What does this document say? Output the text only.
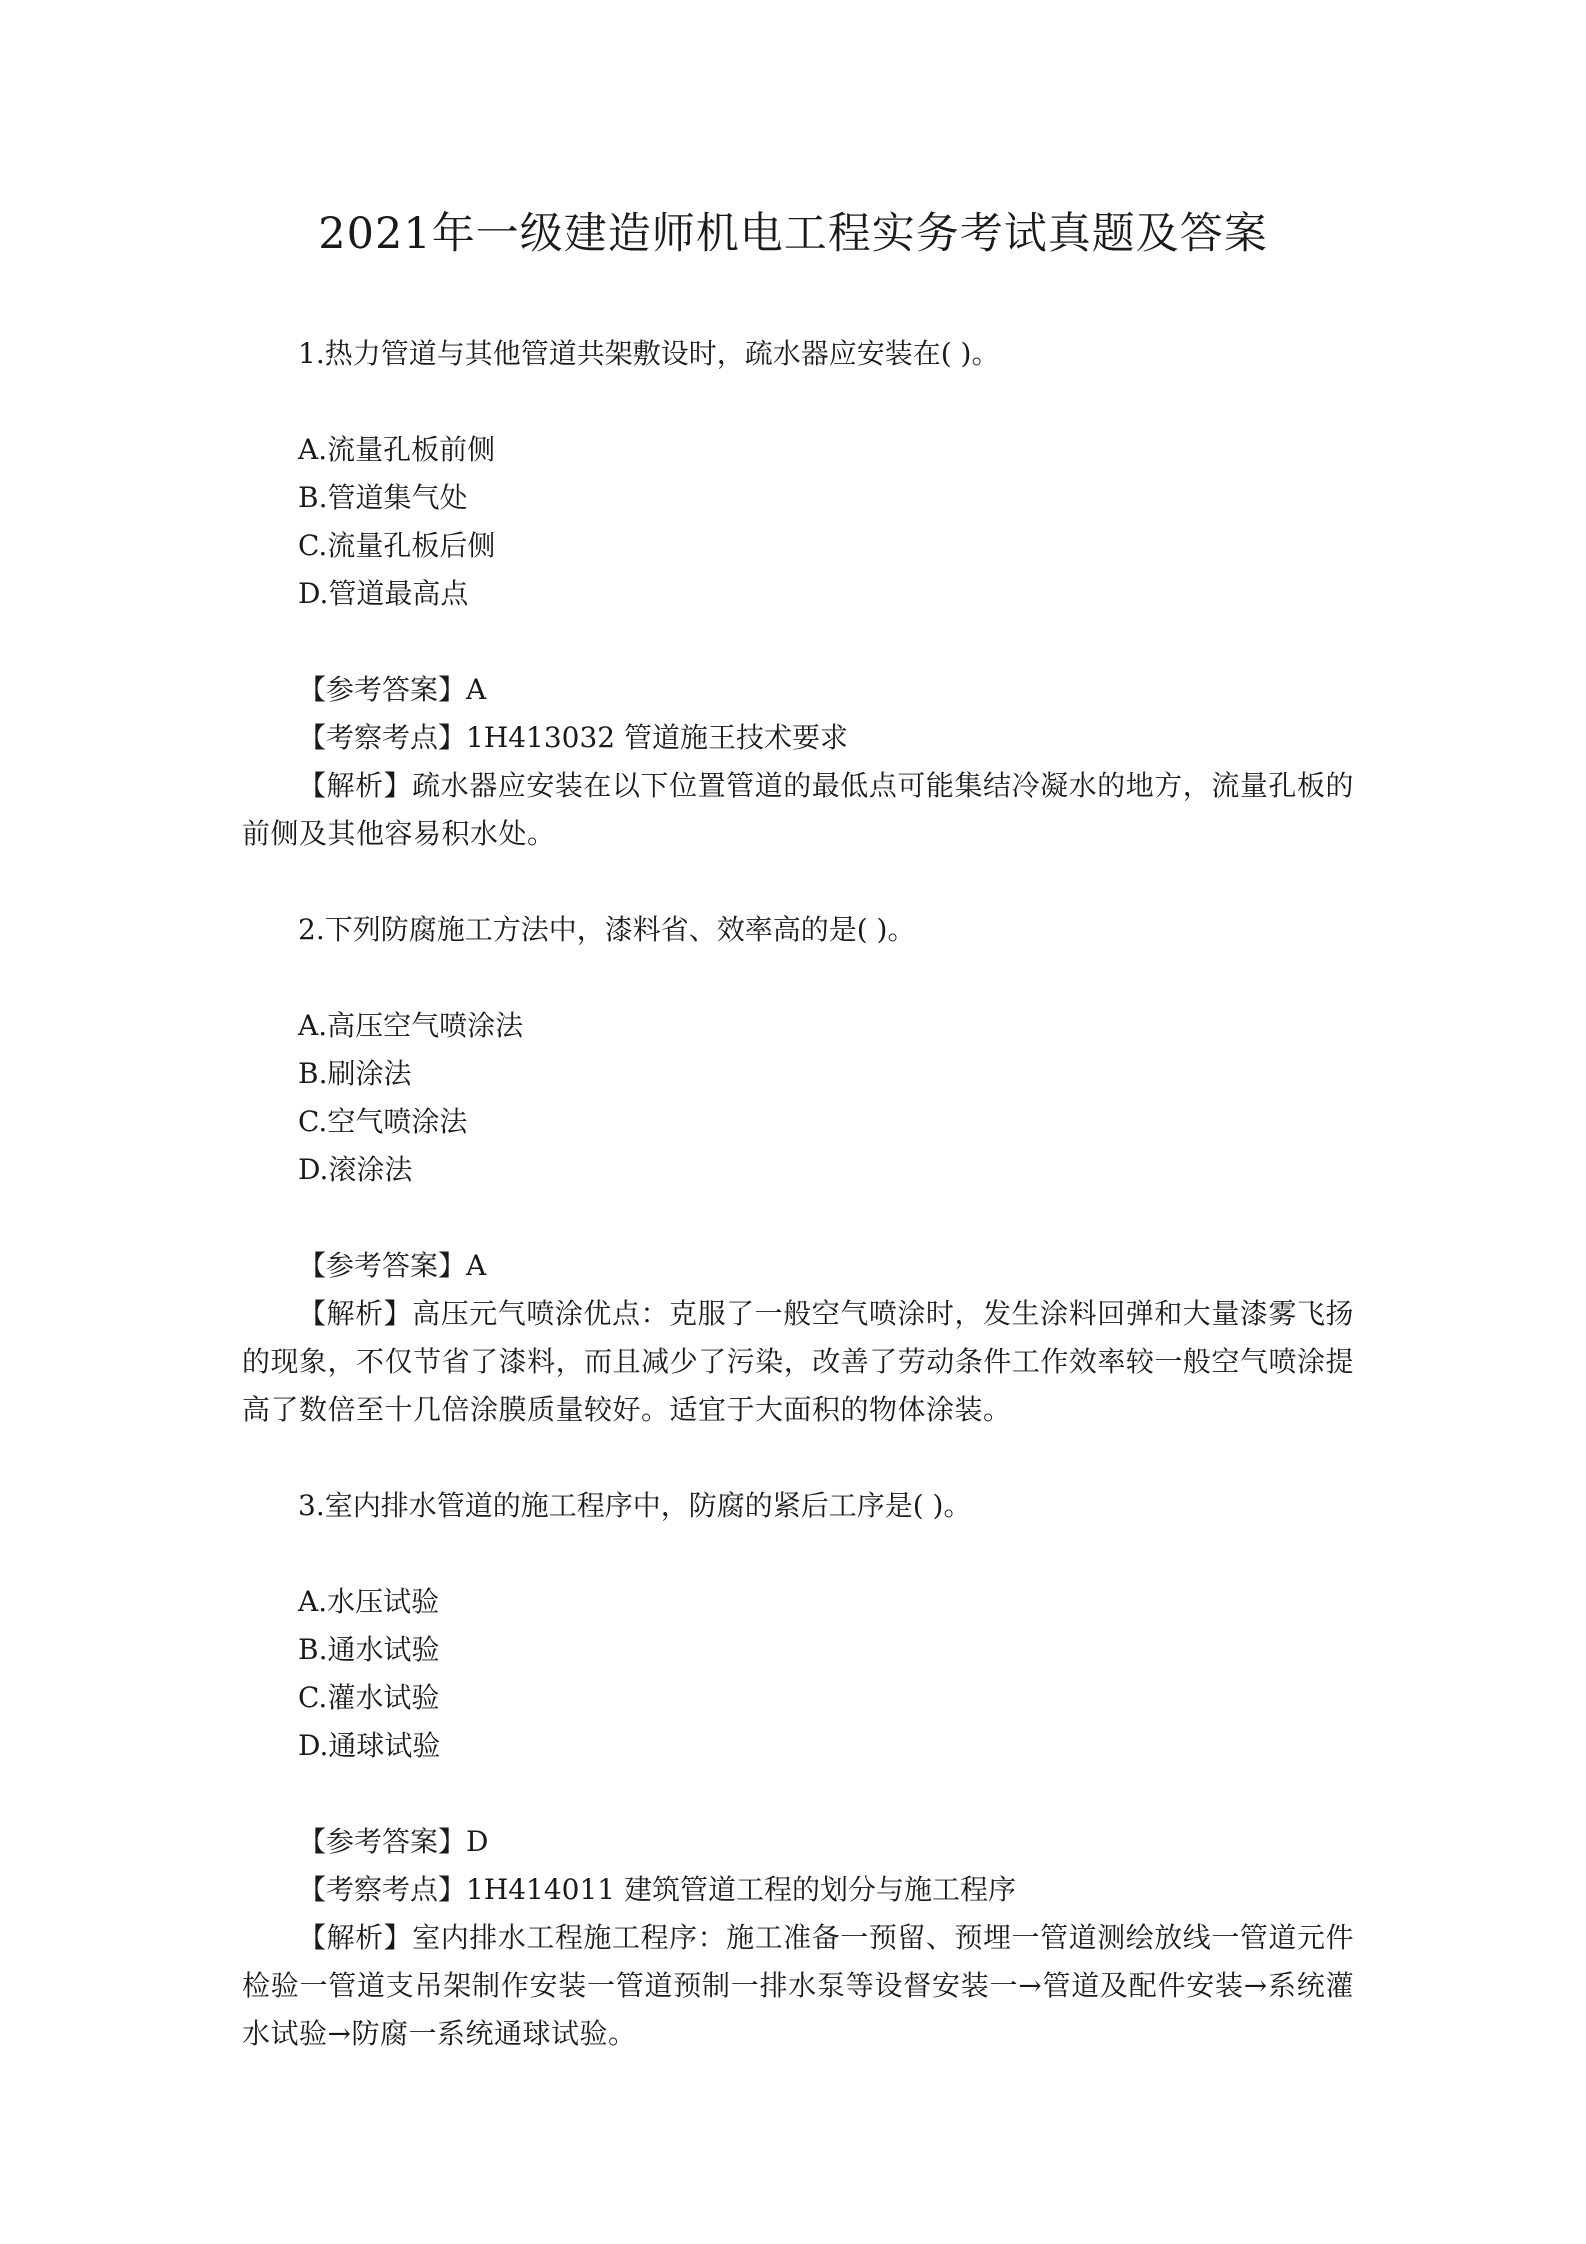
2021年一级建造师机电工程实务考试真题及答案
1.热力管道与其他管道共架敷设时，疏水器应安装在( )。
A.流量孔板前侧
B.管道集气处
C.流量孔板后侧
D.管道最高点
【参考答案】A
【考察考点】1H413032 管道施王技术要求
【解析】疏水器应安装在以下位置管道的最低点可能集结冷凝水的地方，流量孔板的前侧及其他容易积水处。
2.下列防腐施工方法中，漆料省、效率高的是( )。
A.高压空气喷涂法
B.刷涂法
C.空气喷涂法
D.滚涂法
【参考答案】A
【解析】高压元气喷涂优点：克服了一般空气喷涂时，发生涂料回弹和大量漆雾飞扬的现象，不仅节省了漆料，而且减少了污染，改善了劳动条件工作效率较一般空气喷涂提高了数倍至十几倍涂膜质量较好。适宜于大面积的物体涂装。
3.室内排水管道的施工程序中，防腐的紧后工序是( )。
A.水压试验
B.通水试验
C.灌水试验
D.通球试验
【参考答案】D
【考察考点】1H414011 建筑管道工程的划分与施工程序
【解析】室内排水工程施工程序：施工准备一预留、预埋一管道测绘放线一管道元件检验一管道支吊架制作安装一管道预制一排水泵等设督安装一→管道及配件安装→系统灌水试验→防腐一系统通球试验。
